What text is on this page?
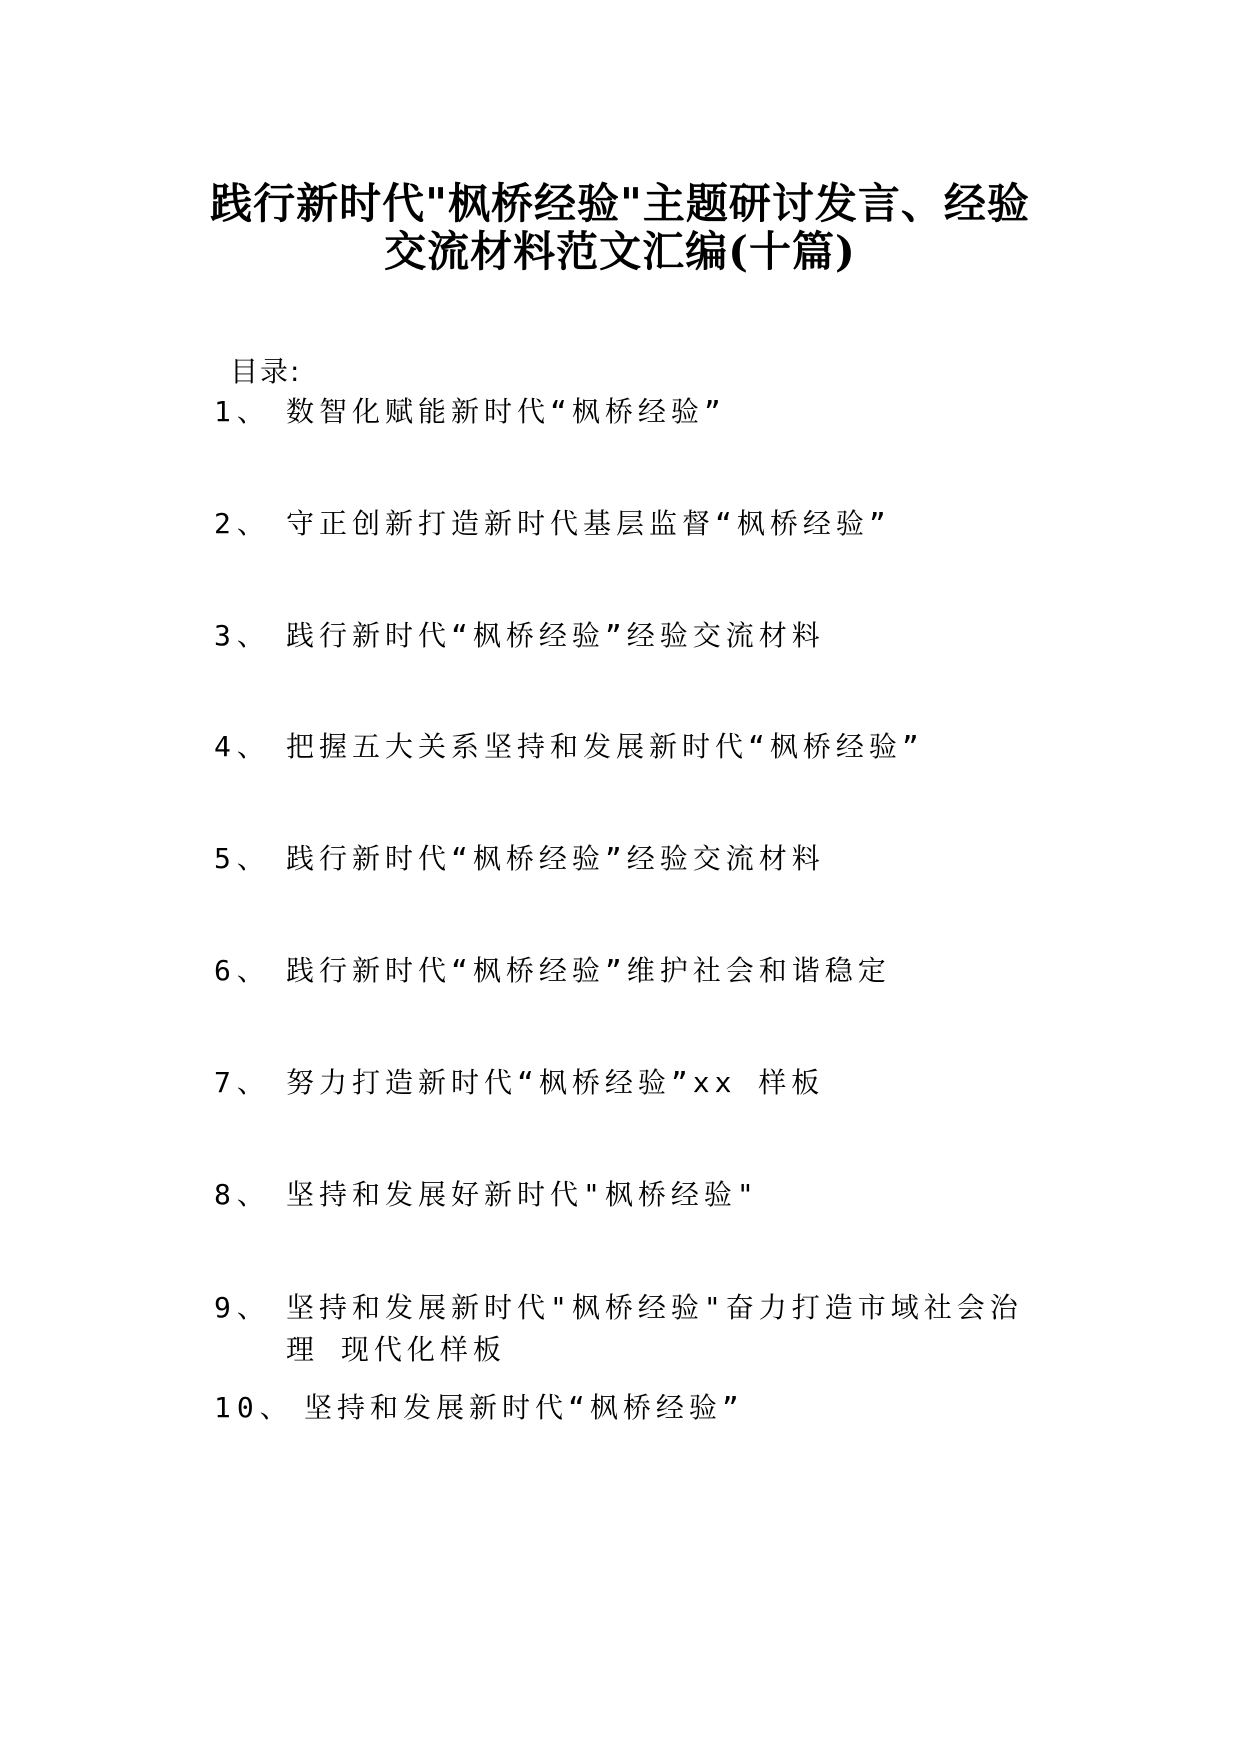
践行新时代"枫桥经验"主题研讨发言、经验
交流材料范文汇编(十篇)
目录:
1、 数智化赋能新时代“枫桥经验”
2、 守正创新打造新时代基层监督“枫桥经验”
3、 践行新时代“枫桥经验”经验交流材料
4、 把握五大关系坚持和发展新时代“枫桥经验”
5、 践行新时代“枫桥经验”经验交流材料
6、 践行新时代“枫桥经验”维护社会和谐稳定
7、 努力打造新时代“枫桥经验”xx 样板
8、 坚持和发展好新时代"枫桥经验"
9、 坚持和发展新时代"枫桥经验"奋力打造市域社会治
理 现代化样板
10、 坚持和发展新时代“枫桥经验”
